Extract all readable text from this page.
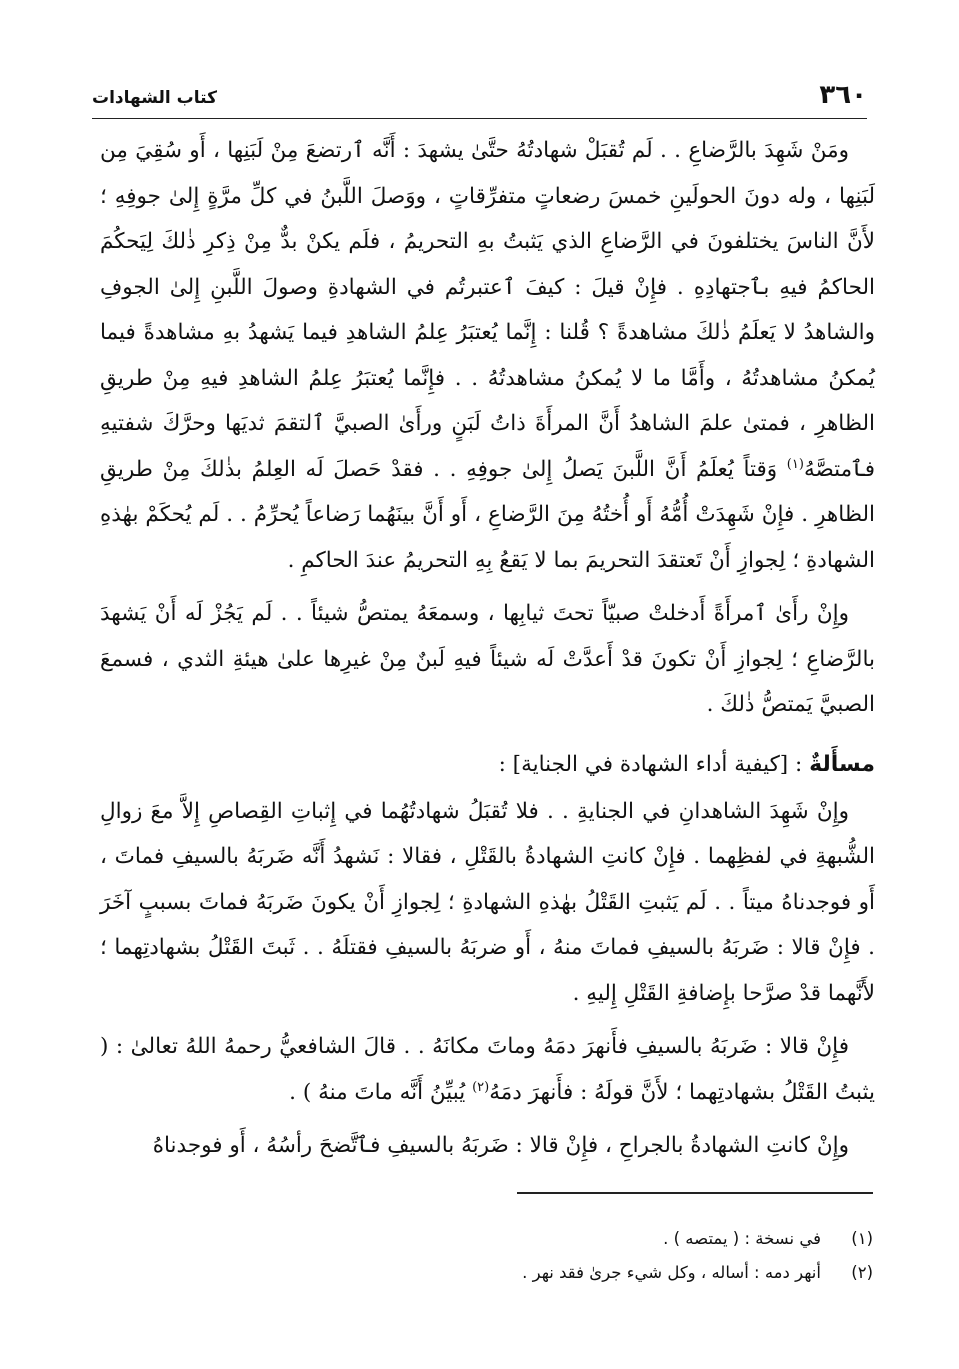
٣٦٠
كتاب الشهادات

ومَنْ شَهِدَ بالرَّضاعِ . . لَم تُقبَلْ شهادتُهُ حتَّىٰ يشهدَ : أَنَّه ٱرتضعَ مِنْ لَبَنِها ، أَو سُقِيَ مِن لَبَنِها ، وله دونَ الحولَينِ خمسَ رضعاتٍ متفرِّقاتٍ ، ووَصلَ اللَّبنُ في كلِّ مرَّةٍ إِلىٰ جوفِهِ ؛ لأَنَّ الناسَ يختلفونَ في الرَّضاعِ الذي يَثبتُ بهِ التحريمُ ، فلَم يكنْ بدٌّ مِنْ ذِكرِ ذٰلكَ لِيَحكُمَ الحاكمُ فيهِ بٱجتهادِهِ . فإِنْ قيلَ : كيفَ ٱعتبرتُم في الشهادةِ وصولَ اللَّبنِ إِلىٰ الجوفِ والشاهدُ لا يَعلَمُ ذٰلكَ مشاهدةً ؟ قُلنا : إِنَّما يُعتبَرُ عِلمُ الشاهدِ فيما يَشهدُ بهِ مشاهدةً فيما يُمكنُ مشاهدتُهُ ، وأَمَّا ما لا يُمكنُ مشاهدتُهُ . . فإِنَّما يُعتبَرُ عِلمُ الشاهدِ فيهِ مِنْ طريقِ الظاهرِ ، فمتىٰ علمَ الشاهدُ أَنَّ المرأَةَ ذاتُ لَبَنٍ ورأَىٰ الصبيَّ ٱلتقمَ ثديَها وحرَّكَ شفتيهِ فٱمتصَّهُ$^{(١)}$ وَقتاً يُعلَمُ أَنَّ اللَّبنَ يَصلُ إِلىٰ جوفِهِ . . فقدْ حَصلَ لَه العِلمُ بذٰلكَ مِنْ طريقِ الظاهرِ . فإِنْ شَهِدَتْ أُمُّهُ أَو أُختُهُ مِنَ الرَّضاعِ ، أَو أَنَّ بينَهُما رَضاعاً يُحرِّمُ . . لَم يُحكَمْ بهٰذهِ الشهادةِ ؛ لِجوازِ أَنْ تَعتقدَ التحريمَ بما لا يَقعُ بِهِ التحريمُ عندَ الحاكمِ .

وإِنْ رأَىٰ ٱمرأَةً أَدخلتْ صبيّاً تحتَ ثيابِها ، وسمعَهُ يمتصُّ شيئاً . . لَم يَجُزْ لَه أَنْ يَشهدَ بالرَّضاعِ ؛ لِجوازِ أَنْ تكونَ قدْ أَعدَّتْ لَه شيئاً فيهِ لَبنٌ مِنْ غيرِها علىٰ هيئةِ الثدي ، فسمعَ الصبيَّ يَمتصُّ ذٰلكَ .

مسأَلةٌ : [كيفية أداء الشهادة في الجناية] :

وإِنْ شَهِدَ الشاهدانِ في الجنايةِ . . فلا تُقبَلُ شهادتُهُما في إِثباتِ القِصاصِ إِلاَّ معَ زوالِ الشُّبهةِ في لفظِهما . فإِنْ كانتِ الشهادةُ بالقَتْلِ ، فقالا : نَشهدُ أَنَّه ضَربَهُ بالسيفِ فماتَ ، أَو فوجدناهُ ميتاً . . لَم يَثبتِ القَتْلُ بهٰذهِ الشهادةِ ؛ لِجوازِ أَنْ يكونَ ضَربَهُ فماتَ بسببٍ آخَرَ . فإِنْ قالا : ضَربَهُ بالسيفِ فماتَ منهُ ، أَو ضربَهُ بالسيفِ فقتلَهُ . . ثَبتَ القَتْلُ بشهادتِهما ؛ لأَنَّهما قدْ صرَّحا بإِضافةِ القَتْلِ إِليهِ .

فإِنْ قالا : ضَربَهُ بالسيفِ فأَنهرَ دمَهُ وماتَ مكانَهُ . . قالَ الشافعيُّ رحمهُ اللهُ تعالىٰ : ( يثبتُ القَتْلُ بشهادتِهما ؛ لأَنَّ قولَهُ : فأَنهرَ دمَهُ$^{(٢)}$ يُبيِّنُ أَنَّه ماتَ منهُ ) .

وإِنْ كانتِ الشهادةُ بالجراحِ ، فإِنْ قالا : ضَربَهُ بالسيفِ فٱتَّضحَ رأسُهُ ، أَو فوجدناهُ

(١)في نسخة : ( يمتصه ) .
(٢)أنهر دمه : أساله ، وكل شيء جرىٰ فقد نهر .
